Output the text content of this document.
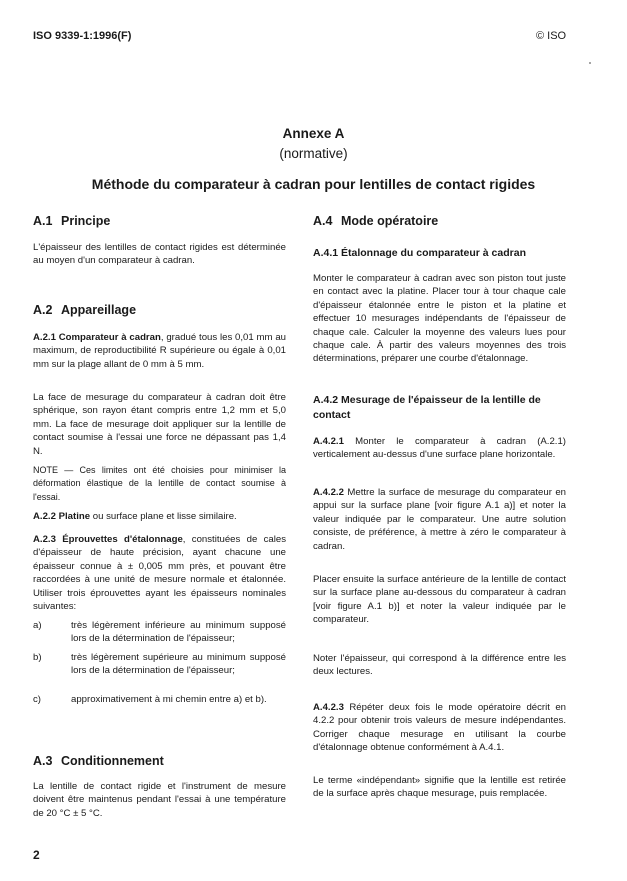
ISO 9339-1:1996(F)	© ISO
Annexe A
(normative)
Méthode du comparateur à cadran pour lentilles de contact rigides
A.1 Principe
L'épaisseur des lentilles de contact rigides est déterminée au moyen d'un comparateur à cadran.
A.2 Appareillage
A.2.1 Comparateur à cadran, gradué tous les 0,01 mm au maximum, de reproductibilité R supérieure ou égale à 0,01 mm sur la plage allant de 0 mm à 5 mm.
La face de mesurage du comparateur à cadran doit être sphérique, son rayon étant compris entre 1,2 mm et 5,0 mm. La face de mesurage doit appliquer sur la lentille de contact soumise à l'essai une force ne dépassant pas 1,4 N.
NOTE — Ces limites ont été choisies pour minimiser la déformation élastique de la lentille de contact soumise à l'essai.
A.2.2 Platine ou surface plane et lisse similaire.
A.2.3 Éprouvettes d'étalonnage, constituées de cales d'épaisseur de haute précision, ayant chacune une épaisseur connue à ± 0,005 mm près, et pouvant être raccordées à une unité de mesure normale et étalonnée. Utiliser trois éprouvettes ayant les épaisseurs nominales suivantes:
a)	très légèrement inférieure au minimum supposé lors de la détermination de l'épaisseur;
b)	très légèrement supérieure au minimum supposé lors de la détermination de l'épaisseur;
c)	approximativement à mi chemin entre a) et b).
A.3 Conditionnement
La lentille de contact rigide et l'instrument de mesure doivent être maintenus pendant l'essai à une température de 20 °C ± 5 °C.
A.4 Mode opératoire
A.4.1 Étalonnage du comparateur à cadran
Monter le comparateur à cadran avec son piston tout juste en contact avec la platine. Placer tour à tour chaque cale d'épaisseur étalonnée entre le piston et la platine et effectuer 10 mesurages indépendants de l'épaisseur de chaque cale. Calculer la moyenne des valeurs lues pour chaque cale. À partir des valeurs moyennes des trois déterminations, préparer une courbe d'étalonnage.
A.4.2 Mesurage de l'épaisseur de la lentille de contact
A.4.2.1 Monter le comparateur à cadran (A.2.1) verticalement au-dessus d'une surface plane horizontale.
A.4.2.2 Mettre la surface de mesurage du comparateur en appui sur la surface plane [voir figure A.1 a)] et noter la valeur indiquée par le comparateur. Une autre solution consiste, de préférence, à mettre à zéro le comparateur à cadran.
Placer ensuite la surface antérieure de la lentille de contact sur la surface plane au-dessous du comparateur à cadran [voir figure A.1 b)] et noter la valeur indiquée par le comparateur.
Noter l'épaisseur, qui correspond à la différence entre les deux lectures.
A.4.2.3 Répéter deux fois le mode opératoire décrit en 4.2.2 pour obtenir trois valeurs de mesure indépendantes. Corriger chaque mesurage en utilisant la courbe d'étalonnage obtenue conformément à A.4.1.
Le terme «indépendant» signifie que la lentille est retirée de la surface après chaque mesurage, puis remplacée.
2
